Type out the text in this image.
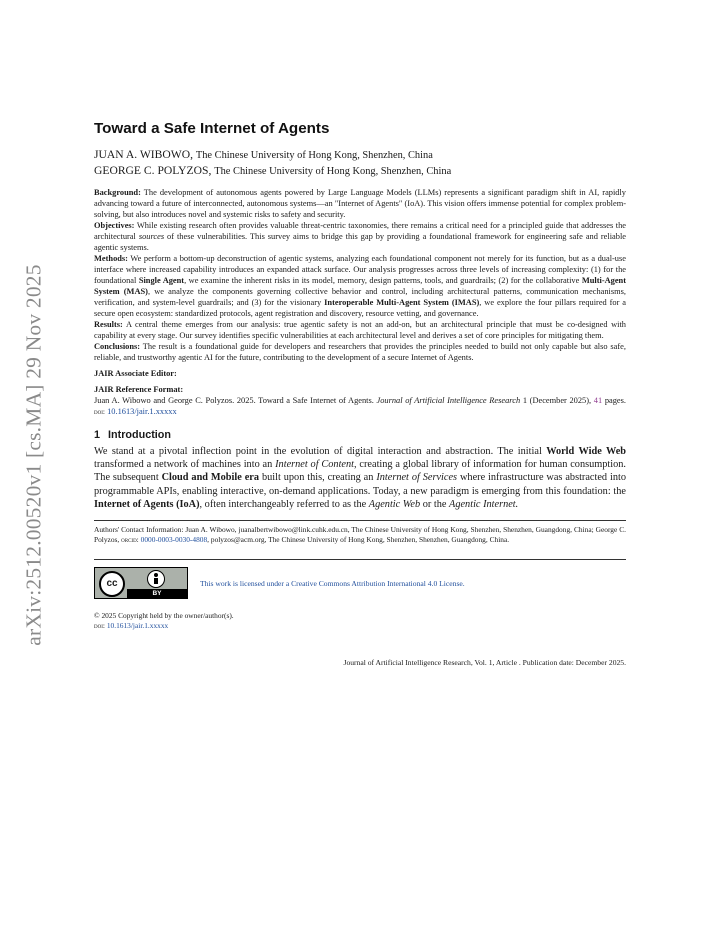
arXiv:2512.00520v1 [cs.MA] 29 Nov 2025
Toward a Safe Internet of Agents
JUAN A. WIBOWO, The Chinese University of Hong Kong, Shenzhen, China
GEORGE C. POLYZOS, The Chinese University of Hong Kong, Shenzhen, China

Background: The development of autonomous agents powered by Large Language Models (LLMs) represents a significant paradigm shift in AI, rapidly advancing toward a future of interconnected, autonomous systems—an "Internet of Agents" (IoA). This vision offers immense potential for complex problem-solving, but also introduces novel and systemic risks to safety and security.

Objectives: While existing research often provides valuable threat-centric taxonomies, there remains a critical need for a principled guide that addresses the architectural sources of these vulnerabilities. This survey aims to bridge this gap by providing a foundational framework for engineering safe and reliable agentic systems.

Methods: We perform a bottom-up deconstruction of agentic systems, analyzing each foundational component not merely for its function, but as a dual-use interface where increased capability introduces an expanded attack surface. Our analysis progresses across three levels of increasing complexity: (1) for the foundational Single Agent, we examine the inherent risks in its model, memory, design patterns, tools, and guardrails; (2) for the collaborative Multi-Agent System (MAS), we analyze the components governing collective behavior and control, including architectural patterns, communication mechanisms, verification, and system-level guardrails; and (3) for the visionary Interoperable Multi-Agent System (IMAS), we explore the four pillars required for a secure open ecosystem: standardized protocols, agent registration and discovery, resource vetting, and governance.

Results: A central theme emerges from our analysis: true agentic safety is not an add-on, but an architectural principle that must be co-designed with capability at every stage. Our survey identifies specific vulnerabilities at each architectural level and derives a set of core principles for mitigating them.

Conclusions: The result is a foundational guide for developers and researchers that provides the principles needed to build not only capable but also safe, reliable, and trustworthy agentic AI for the future, contributing to the development of a secure Internet of Agents.

JAIR Associate Editor:
JAIR Reference Format:

Juan A. Wibowo and George C. Polyzos. 2025. Toward a Safe Internet of Agents. Journal of Artificial Intelligence Research 1 (December 2025), 41 pages. doi: 10.1613/jair.1.xxxxx

1 Introduction

We stand at a pivotal inflection point in the evolution of digital interaction and abstraction. The initial World Wide Web transformed a network of machines into an Internet of Content, creating a global library of information for human consumption. The subsequent Cloud and Mobile era built upon this, creating an Internet of Services where infrastructure was abstracted into programmable APIs, enabling interactive, on-demand applications. Today, a new paradigm is emerging from this foundation: the Internet of Agents (IoA), often interchangeably referred to as the Agentic Web or the Agentic Internet.

Authors' Contact Information: Juan A. Wibowo, juanalbertwibowo@link.cuhk.edu.cn, The Chinese University of Hong Kong, Shenzhen, Shenzhen, Guangdong, China; George C. Polyzos, orcid: 0000-0003-0030-4808, polyzos@acm.org, The Chinese University of Hong Kong, Shenzhen, Shenzhen, Guangdong, China.

cc
BY
This work is licensed under a Creative Commons Attribution International 4.0 License.
© 2025 Copyright held by the owner/author(s).
doi: 10.1613/jair.1.xxxxx
Journal of Artificial Intelligence Research, Vol. 1, Article . Publication date: December 2025.
